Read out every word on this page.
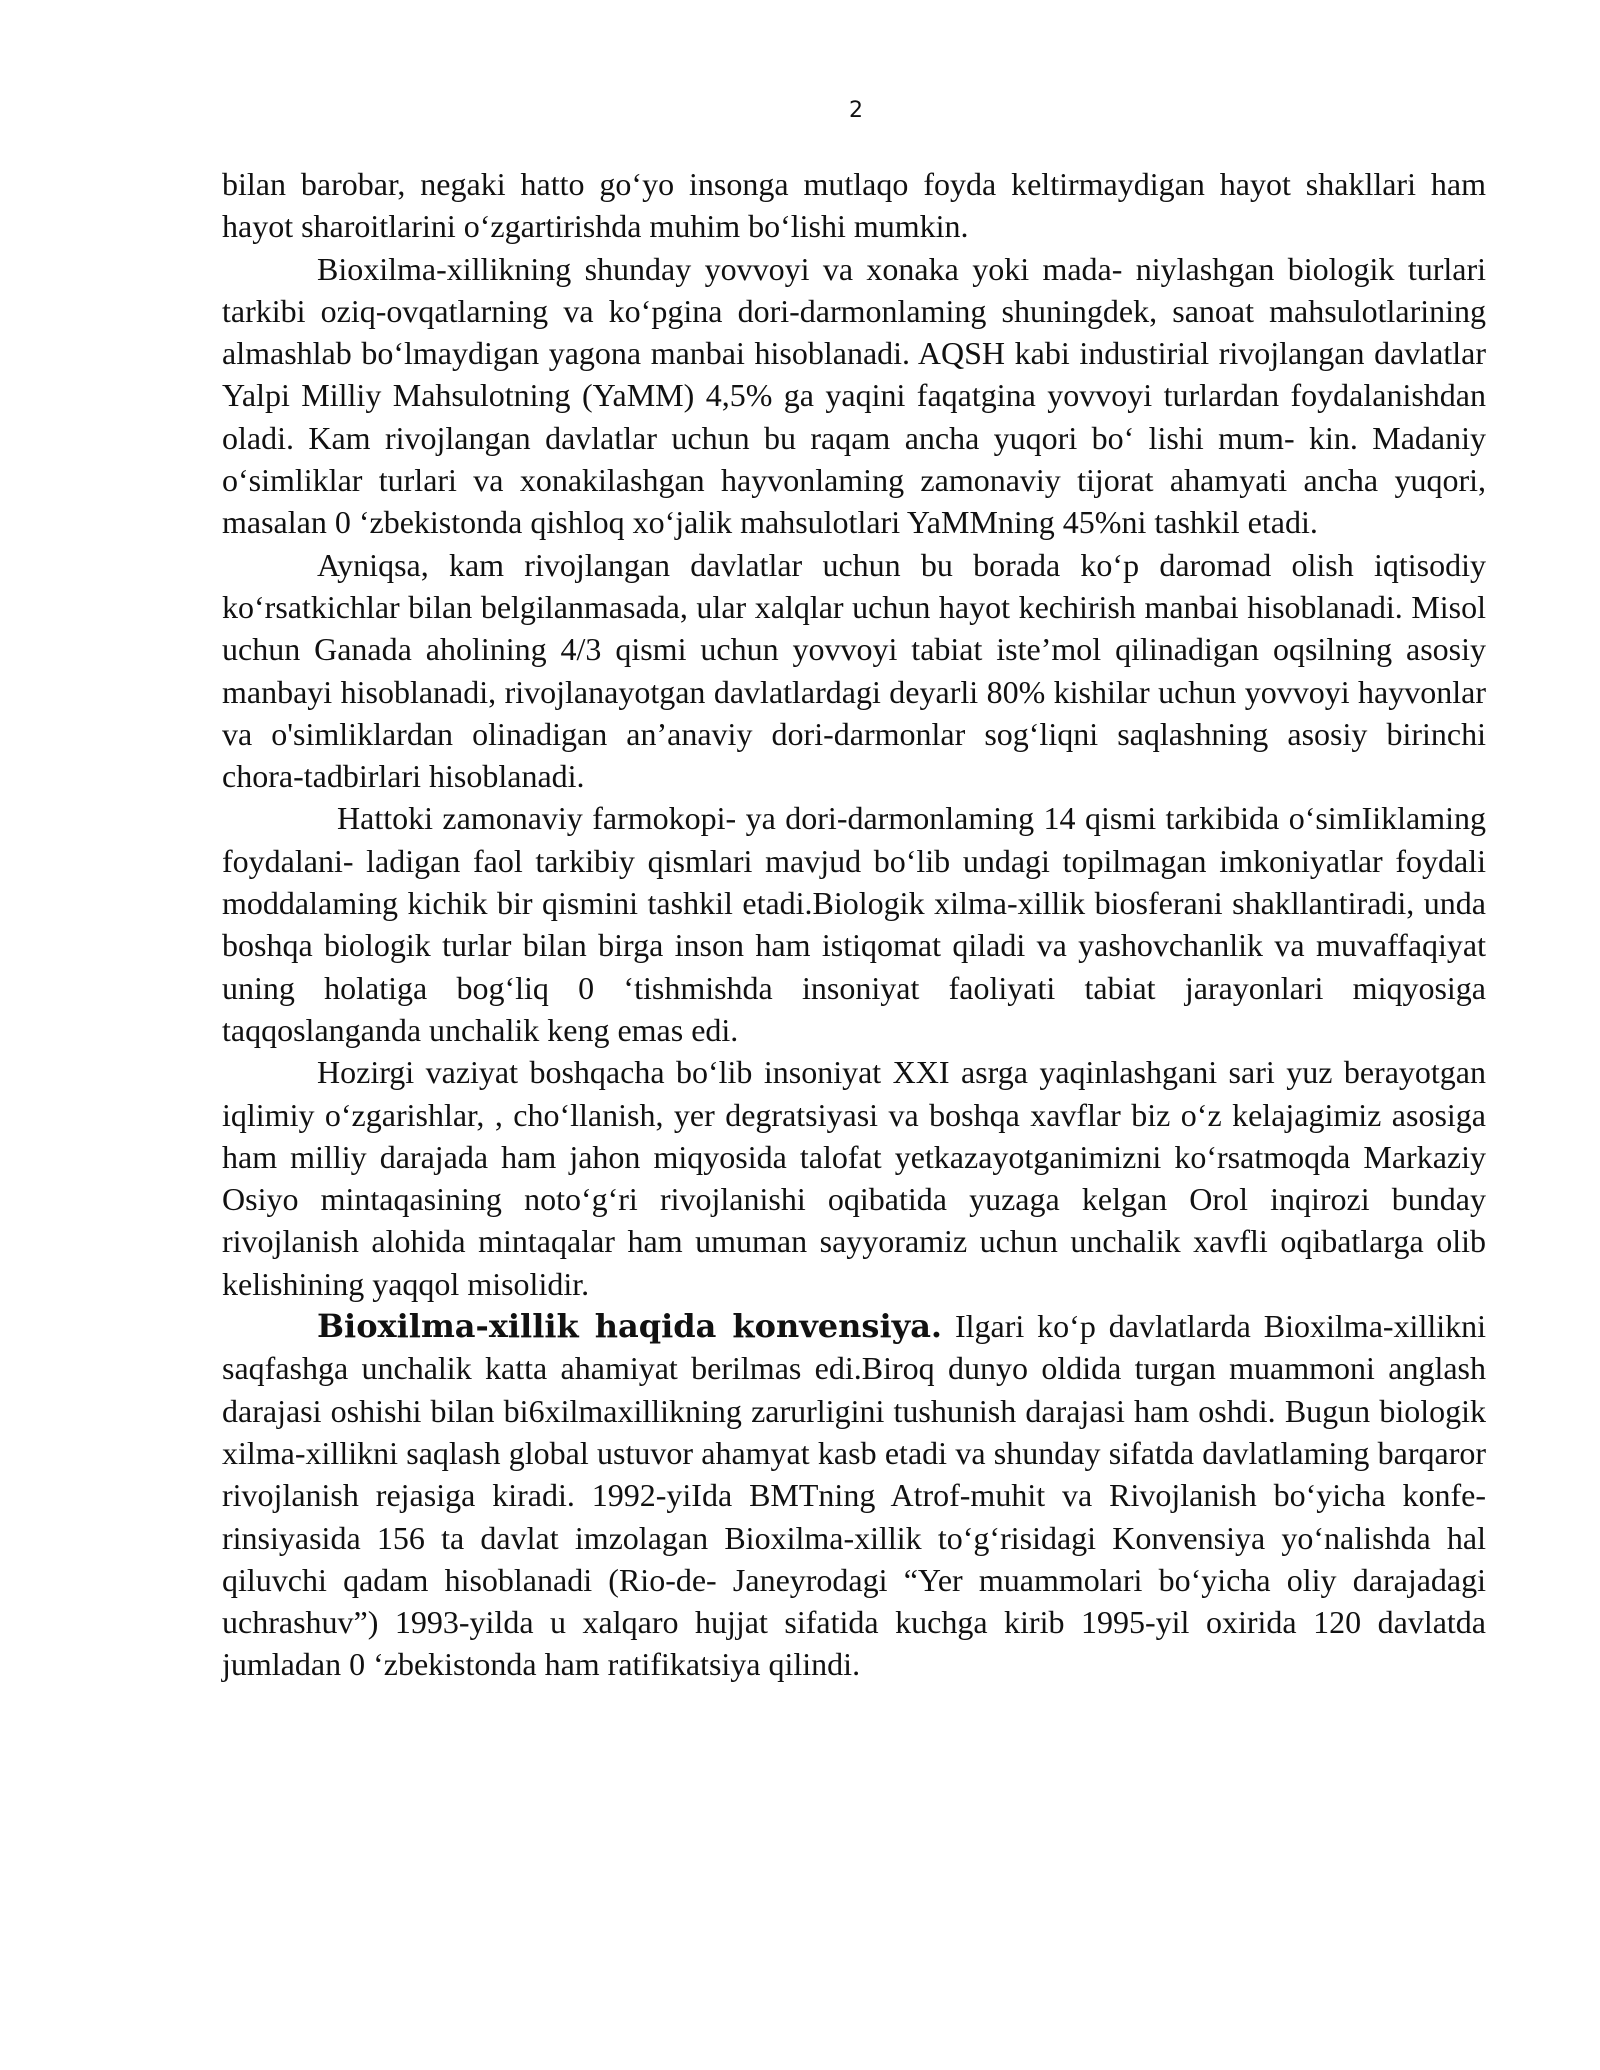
2

bilan barobar, negaki hatto go‘yo insonga mutlaqo foyda keltirmaydigan hayot shakllari ham hayot sharoitlarini o‘zgartirishda muhim bo‘lishi mumkin.

Bioxilma-xillikning shunday yovvoyi va xonaka yoki mada- niylashgan biologik turlari tarkibi oziq-ovqatlarning va ko‘pgina dori-darmonlaming shuningdek, sanoat mahsulotlarining almashlab bo‘lmaydigan yagona manbai hisoblanadi. AQSH kabi industirial rivojlangan davlatlar Yalpi Milliy Mahsulotning (YaMM) 4,5% ga yaqini faqatgina yovvoyi turlardan foydalanishdan oladi. Kam rivojlangan davlatlar uchun bu raqam ancha yuqori bo‘ lishi mum- kin. Madaniy o‘simliklar turlari va xonakilashgan hayvonlaming zamonaviy tijorat ahamyati ancha yuqori, masalan 0 ‘zbekistonda qishloq xo‘jalik mahsulotlari YaMMning 45%ni tashkil etadi.

Ayniqsa, kam rivojlangan davlatlar uchun bu borada ko‘p daromad olish iqtisodiy ko‘rsatkichlar bilan belgilanmasada, ular xalqlar uchun hayot kechirish manbai hisoblanadi. Misol uchun Ganada aholining 4/3 qismi uchun yovvoyi tabiat iste’mol qilinadigan oqsilning asosiy manbayi hisoblanadi, rivojlanayotgan davlatlardagi deyarli 80% kishilar uchun yovvoyi hayvonlar va o'simliklardan olinadigan an’anaviy dori-darmonlar sog‘liqni saqlashning asosiy birinchi chora-tadbirlari hisoblanadi.

Hattoki zamonaviy farmokopi- ya dori-darmonlaming 14 qismi tarkibida o‘simIiklaming foydalani- ladigan faol tarkibiy qismlari mavjud bo‘lib undagi topilmagan imkoniyatlar foydali moddalaming kichik bir qismini tashkil etadi.Biologik xilma-xillik biosferani shakllantiradi, unda boshqa biologik turlar bilan birga inson ham istiqomat qiladi va yashovchanlik va muvaffaqiyat uning holatiga bog‘liq 0 ‘tishmishda insoniyat faoliyati tabiat jarayonlari miqyosiga taqqoslanganda unchalik keng emas edi.

Hozirgi vaziyat boshqacha bo‘lib insoniyat XXI asrga yaqinlashgani sari yuz berayotgan iqlimiy o‘zgarishlar, , cho‘llanish, yer degratsiyasi va boshqa xavflar biz o‘z kelajagimiz asosiga ham milliy darajada ham jahon miqyosida talofat yetkazayotganimizni ko‘rsatmoqda Markaziy Osiyo mintaqasining noto‘g‘ri rivojlanishi oqibatida yuzaga kelgan Orol inqirozi bunday rivojlanish alohida mintaqalar ham umuman sayyoramiz uchun unchalik xavfli oqibatlarga olib kelishining yaqqol misolidir.

Bioxilma-xillik haqida konvensiya. Ilgari ko‘p davlatlarda Bioxilma-xillikni saqfashga unchalik katta ahamiyat berilmas edi.Biroq dunyo oldida turgan muammoni anglash darajasi oshishi bilan bi6xilmaxillikning zarurligini tushunish darajasi ham oshdi. Bugun biologik xilma-xillikni saqlash global ustuvor ahamyat kasb etadi va shunday sifatda davlatlaming barqaror rivojlanish rejasiga kiradi. 1992-yiIda BMTning Atrof-muhit va Rivojlanish bo‘yicha konfe- rinsiyasida 156 ta davlat imzolagan Bioxilma-xillik to‘g‘risidagi Konvensiya yo‘nalishda hal qiluvchi qadam hisoblanadi (Rio-de- Janeyrodagi “Yer muammolari bo‘yicha oliy darajadagi uchrashuv”) 1993-yilda u xalqaro hujjat sifatida kuchga kirib 1995-yil oxirida 120 davlatda jumladan 0 ‘zbekistonda ham ratifikatsiya qilindi.
